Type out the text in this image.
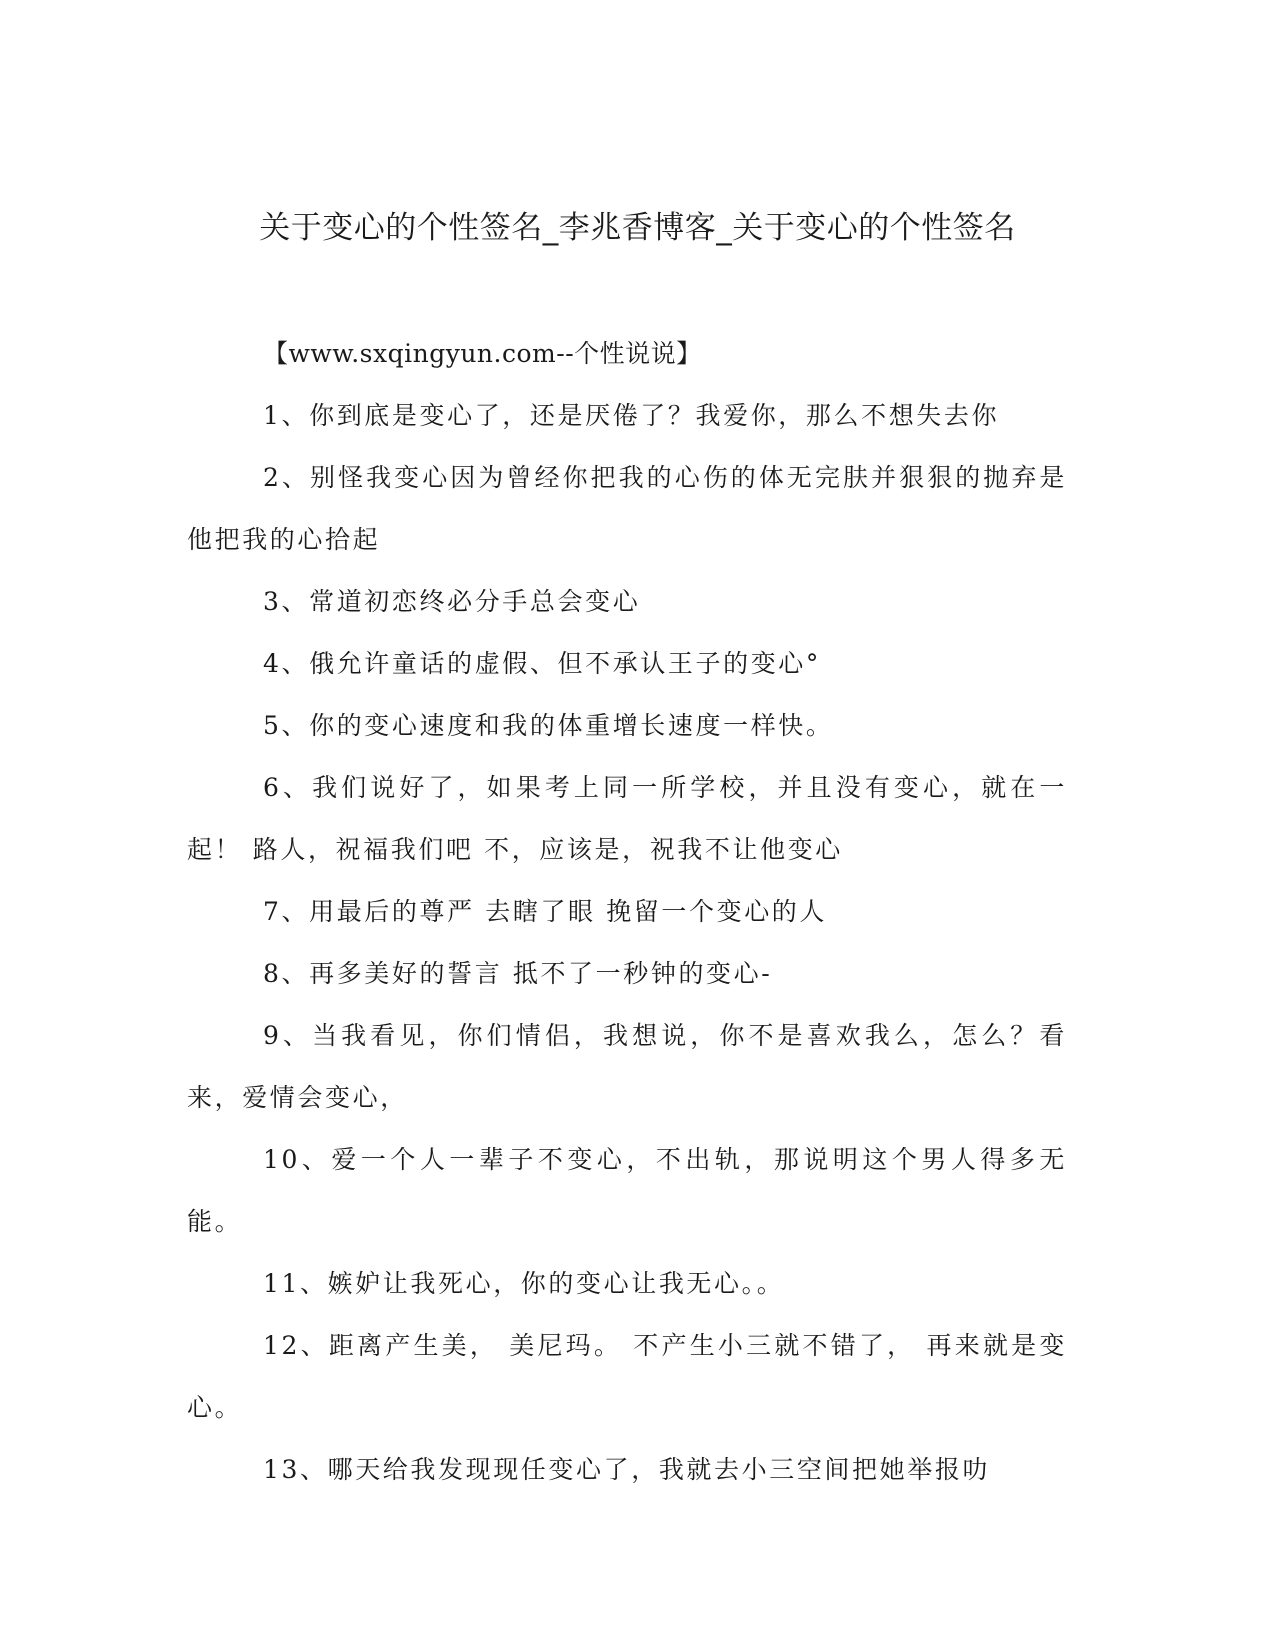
关于变心的个性签名_李兆香博客_关于变心的个性签名

【www.sxqingyun.com--个性说说】

1、你到底是变心了，还是厌倦了？我爱你，那么不想失去你

2、别怪我变心因为曾经你把我的心伤的体无完肤并狠狠的抛弃是他把我的心拾起

3、常道初恋终必分手总会变心

4、俄允许童话的虚假、但不承认王子的变心°

5、你的变心速度和我的体重增长速度一样快。

6、我们说好了，如果考上同一所学校，并且没有变心，就在一起！ 路人，祝福我们吧 不，应该是，祝我不让他变心

7、用最后的尊严 去瞎了眼 挽留一个变心的人

8、再多美好的誓言 抵不了一秒钟的变心-

9、当我看见，你们情侣，我想说，你不是喜欢我么，怎么？看来，爱情会变心，

10、爱一个人一辈子不变心，不出轨，那说明这个男人得多无能。

11、嫉妒让我死心，你的变心让我无心。。

12、距离产生美， 美尼玛。 不产生小三就不错了， 再来就是变心。

13、哪天给我发现现任变心了，我就去小三空间把她举报叻
